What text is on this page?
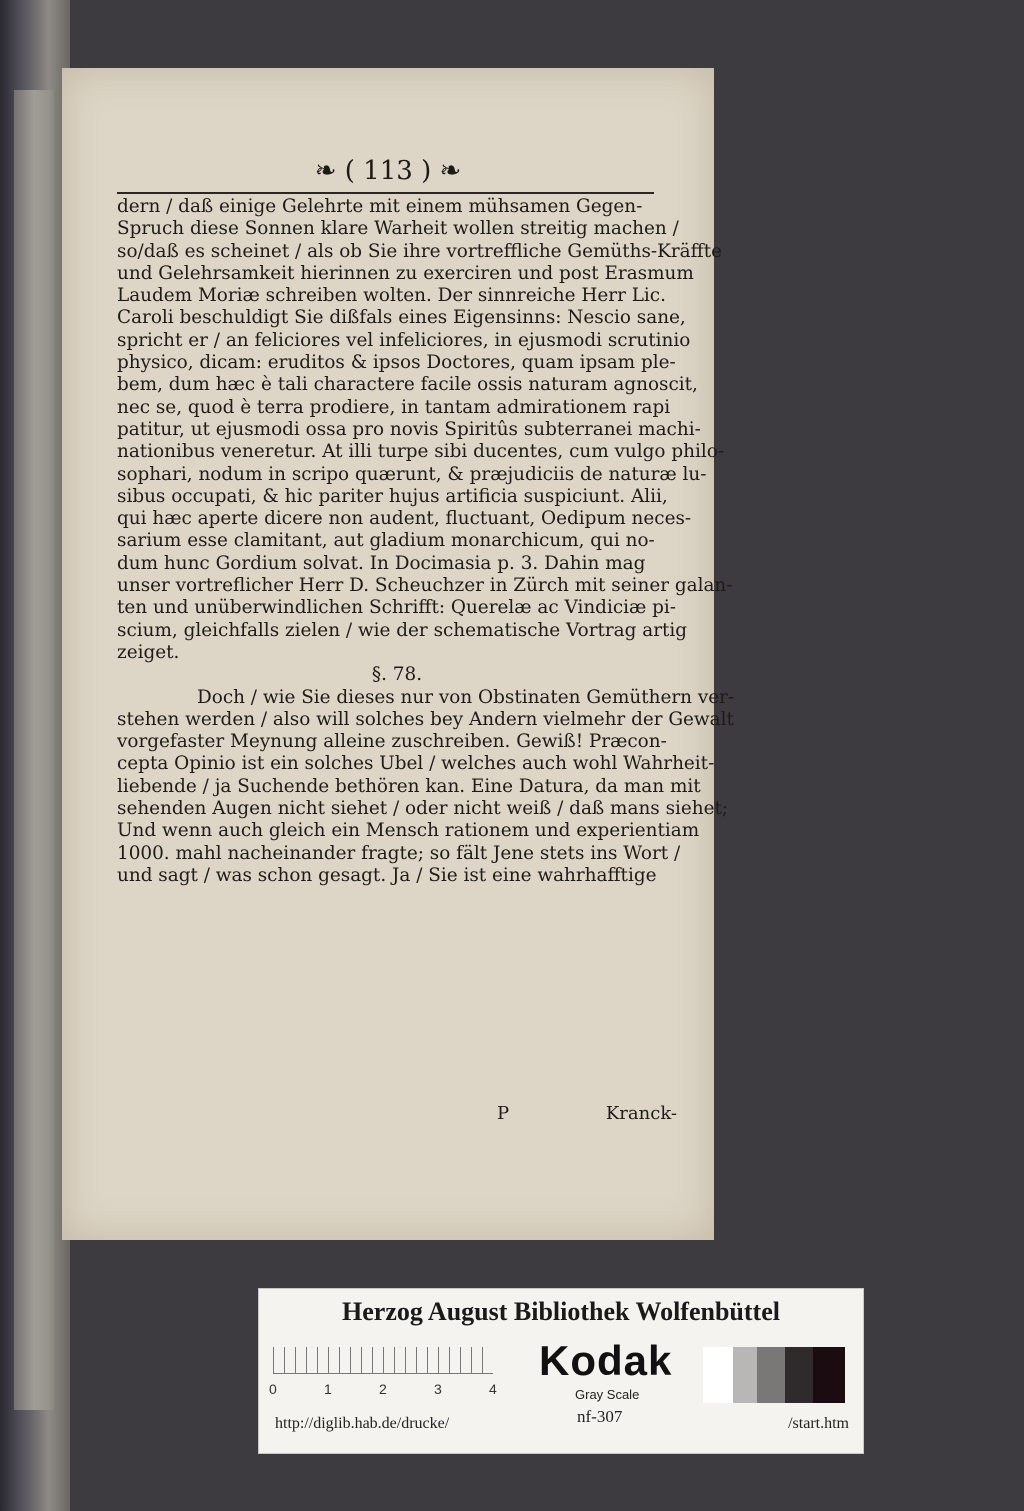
❧ ( 113 ) ❧
dern / daß einige Gelehrte mit einem mühsamen Gegen-
Spruch diese Sonnen klare Warheit wollen streitig machen /
so/daß es scheinet / als ob Sie ihre vortreffliche Gemüths-Kräffte
und Gelehrsamkeit hierinnen zu exerciren und post Erasmum
Laudem Moriæ schreiben wolten. Der sinnreiche Herr Lic.
Caroli beschuldigt Sie dißfals eines Eigensinns: Nescio sane,
spricht er / an feliciores vel infeliciores, in ejusmodi scrutinio
physico, dicam: eruditos & ipsos Doctores, quam ipsam ple-
bem, dum hæc è tali charactere facile ossis naturam agnoscit,
nec se, quod è terra prodiere, in tantam admirationem rapi
patitur, ut ejusmodi ossa pro novis Spiritûs subterranei machi-
nationibus veneretur. At illi turpe sibi ducentes, cum vulgo philo-
sophari, nodum in scripo quærunt, & præjudiciis de naturæ lu-
sibus occupati, & hic pariter hujus artificia suspiciunt. Alii,
qui hæc aperte dicere non audent, fluctuant, Oedipum neces-
sarium esse clamitant, aut gladium monarchicum, qui no-
dum hunc Gordium solvat. In Docimasia p. 3. Dahin mag
unser vortreflicher Herr D. Scheuchzer in Zürch mit seiner galan-
ten und unüberwindlichen Schrifft: Querelæ ac Vindiciæ pi-
scium, gleichfalls zielen / wie der schematische Vortrag artig
zeiget.
§. 78.
Doch / wie Sie dieses nur von Obstinaten Gemüthern ver-
stehen werden / also will solches bey Andern vielmehr der Gewalt
vorgefaster Meynung alleine zuschreiben. Gewiß! Præcon-
cepta Opinio ist ein solches Ubel / welches auch wohl Wahrheit-
liebende / ja Suchende bethören kan. Eine Datura, da man mit
sehenden Augen nicht siehet / oder nicht weiß / daß mans siehet;
Und wenn auch gleich ein Mensch rationem und experientiam
1000. mahl nacheinander fragte; so fält Jene stets ins Wort /
und sagt / was schon gesagt. Ja / Sie ist eine wahrhafftige
P	Kranck-
Herzog August Bibliothek Wolfenbüttel
0	1	2	3	4
Kodak
Gray Scale
nf-307
http://diglib.hab.de/drucke/	/start.htm
